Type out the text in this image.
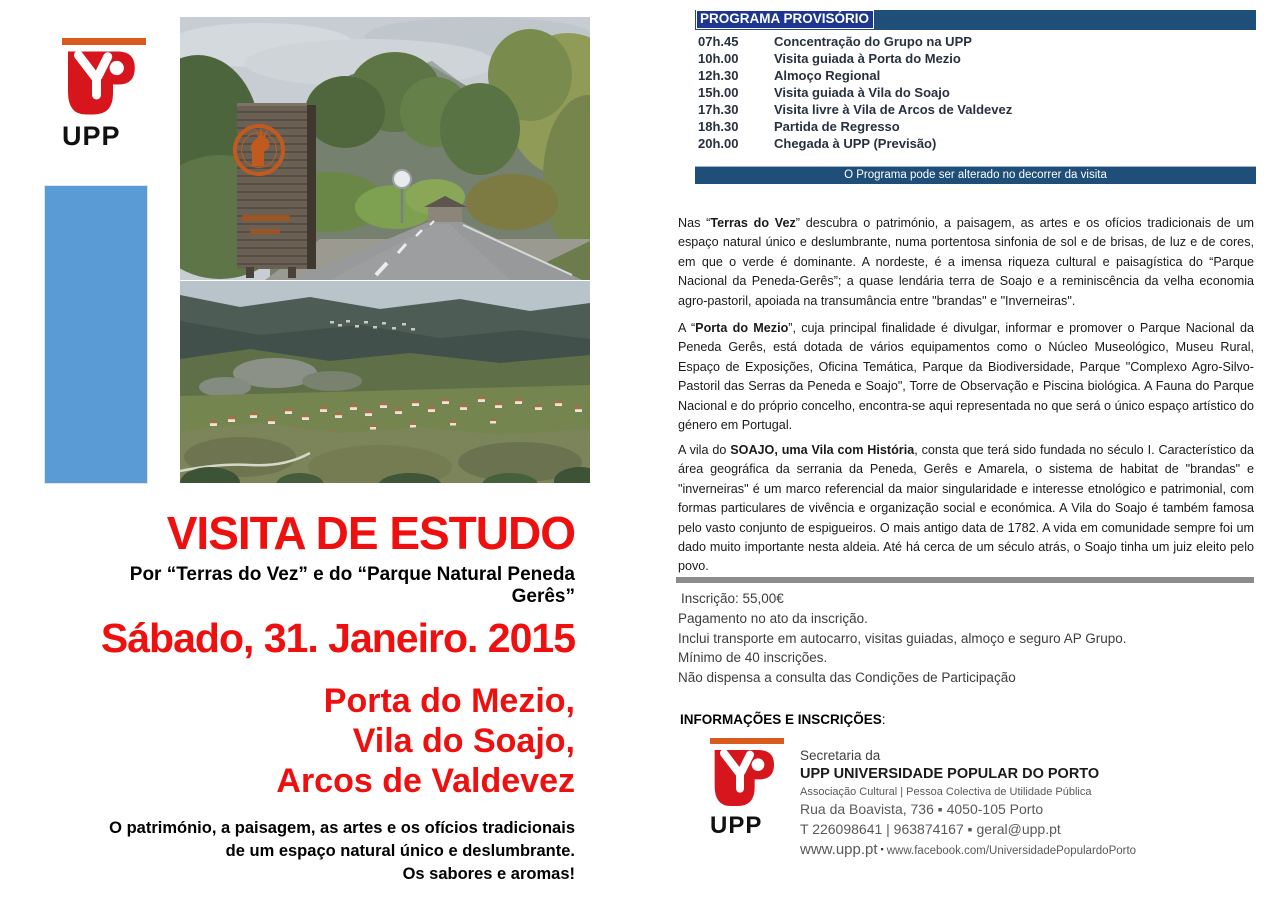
UPP
VISITA DE ESTUDO
Por “Terras do Vez” e do “Parque Natural Peneda Gerês”
Sábado, 31. Janeiro. 2015
Porta do Mezio,
Vila do Soajo,
Arcos de Valdevez
O património, a paisagem, as artes e os ofícios tradicionais
de um espaço natural único e deslumbrante.
Os sabores e aromas!
PROGRAMA PROVISÓRIO
07h.45	Concentração do Grupo na UPP
10h.00	Visita guiada à Porta do Mezio
12h.30	Almoço Regional
15h.00	Visita guiada à Vila do Soajo
17h.30	Visita livre à Vila de Arcos de Valdevez
18h.30	Partida de Regresso
20h.00	Chegada à UPP (Previsão)
O Programa pode ser alterado no decorrer da visita

Nas “Terras do Vez” descubra o património, a paisagem, as artes e os ofícios tradicionais de um espaço natural único e deslumbrante, numa portentosa sinfonia de sol e de brisas, de luz e de cores, em que o verde é dominante. A nordeste, é a imensa riqueza cultural e paisagística do “Parque Nacional da Peneda-Gerês”; a quase lendária terra de Soajo e a reminiscência da velha economia agro-pastoril, apoiada na transumância entre "brandas" e "Inverneiras".

A “Porta do Mezio”, cuja principal finalidade é divulgar, informar e promover o Parque Nacional da Peneda Gerês, está dotada de vários equipamentos como o Núcleo Museológico, Museu Rural, Espaço de Exposições, Oficina Temática, Parque da Biodiversidade, Parque "Complexo Agro-Silvo-Pastoril das Serras da Peneda e Soajo", Torre de Observação e Piscina biológica. A Fauna do Parque Nacional e do próprio concelho, encontra-se aqui representada no que será o único espaço artístico do género em Portugal.

A vila do SOAJO, uma Vila com História, consta que terá sido fundada no século I. Característico da área geográfica da serrania da Peneda, Gerês e Amarela, o sistema de habitat de "brandas" e "inverneiras" é um marco referencial da maior singularidade e interesse etnológico e patrimonial, com formas particulares de vivência e organização social e económica. A Vila do Soajo é também famosa pelo vasto conjunto de espigueiros. O mais antigo data de 1782. A vida em comunidade sempre foi um dado muito importante nesta aldeia. Até há cerca de um século atrás, o Soajo tinha um juiz eleito pelo povo.

Inscrição: 55,00€
Pagamento no ato da inscrição.
Inclui transporte em autocarro, visitas guiadas, almoço e seguro AP Grupo.
Mínimo de 40 inscrições.
Não dispensa a consulta das Condições de Participação
INFORMAÇÕES E INSCRIÇÕES:
UPP
Secretaria da
UPP UNIVERSIDADE POPULAR DO PORTO
Associação Cultural | Pessoa Colectiva de Utilidade Pública
Rua da Boavista, 736 ▪ 4050-105 Porto
T 226098641 | 963874167 ▪ geral@upp.pt
www.upp.pt ▪ www.facebook.com/UniversidadePopulardoPorto
